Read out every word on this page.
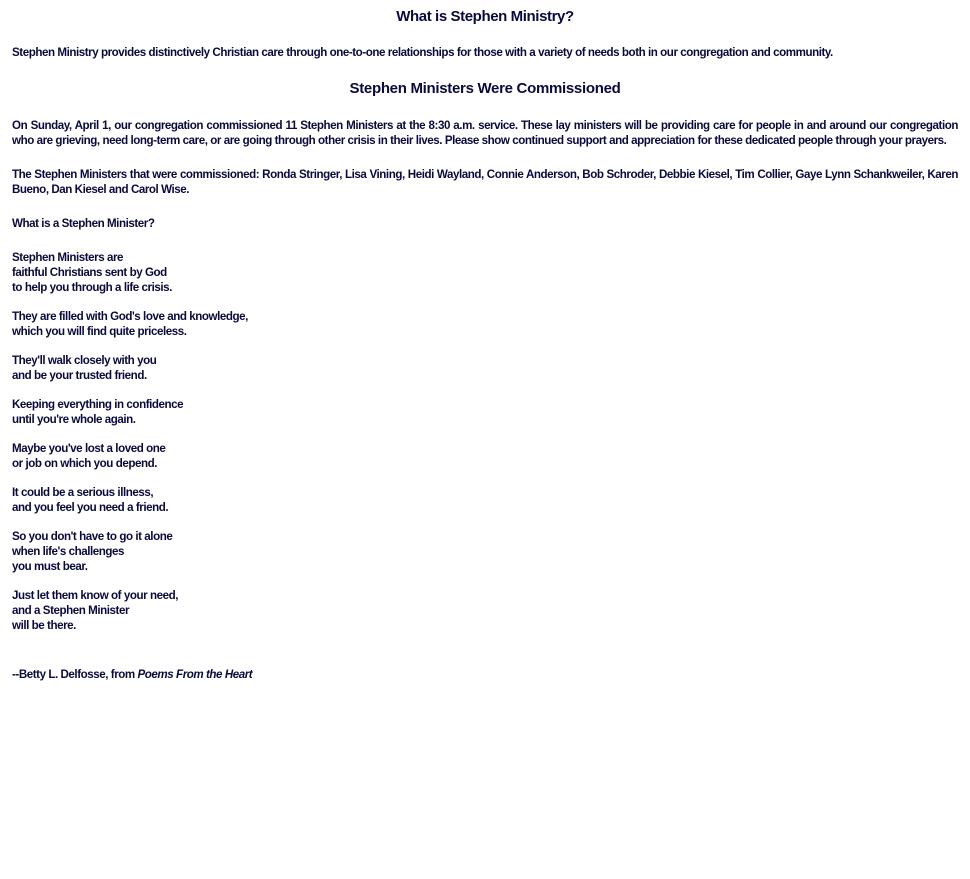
What is Stephen Ministry?

Stephen Ministry provides distinctively Christian care through one-to-one relationships for those with a variety of needs both in our congregation and community.

Stephen Ministers Were Commissioned

On Sunday, April 1, our congregation commissioned 11 Stephen Ministers at the 8:30 a.m. service. These lay ministers will be providing care for people in and around our congregation who are grieving, need long-term care, or are going through other crisis in their lives. Please show continued support and appreciation for these dedicated people through your prayers.

The Stephen Ministers that were commissioned: Ronda Stringer, Lisa Vining, Heidi Wayland, Connie Anderson, Bob Schroder, Debbie Kiesel, Tim Collier, Gaye Lynn Schankweiler, Karen Bueno, Dan Kiesel and Carol Wise.

What is a Stephen Minister?

Stephen Ministers are
faithful Christians sent by God
to help you through a life crisis.
They are filled with God's love and knowledge,
which you will find quite priceless.
They'll walk closely with you
and be your trusted friend.
Keeping everything in confidence
until you're whole again.
Maybe you've lost a loved one
or job on which you depend.
It could be a serious illness,
and you feel you need a friend.
So you don't have to go it alone
when life's challenges
you must bear.
Just let them know of your need,
and a Stephen Minister
will be there.
--Betty L. Delfosse, from Poems From the Heart
